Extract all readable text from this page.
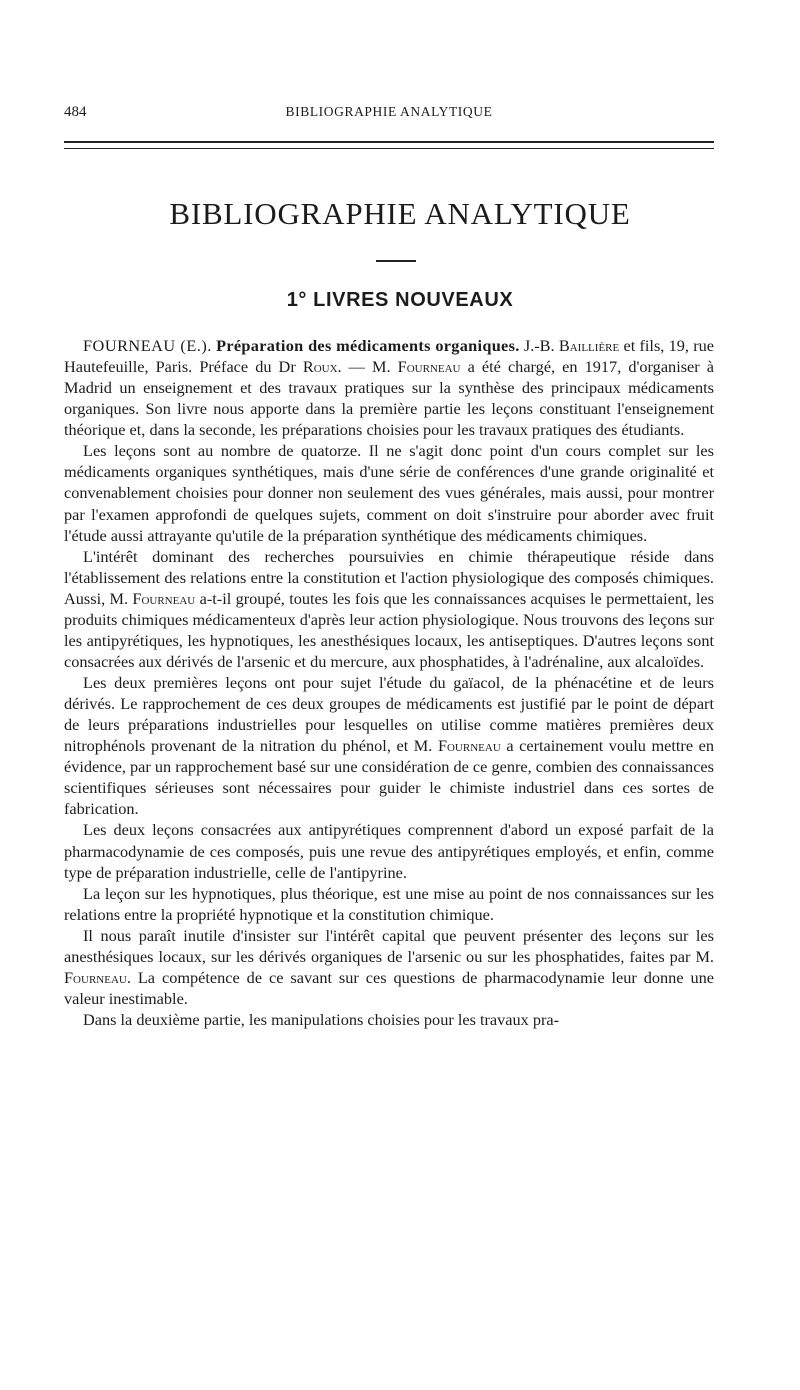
484	BIBLIOGRAPHIE ANALYTIQUE
BIBLIOGRAPHIE ANALYTIQUE
1° LIVRES NOUVEAUX

FOURNEAU (E.). Préparation des médicaments organiques. J.-B. Baillière et fils, 19, rue Hautefeuille, Paris. Préface du Dr Roux. — M. Fourneau a été chargé, en 1917, d'organiser à Madrid un enseignement et des travaux pratiques sur la synthèse des principaux médicaments organiques. Son livre nous apporte dans la première partie les leçons constituant l'enseignement théorique et, dans la seconde, les préparations choisies pour les travaux pratiques des étudiants.

Les leçons sont au nombre de quatorze. Il ne s'agit donc point d'un cours complet sur les médicaments organiques synthétiques, mais d'une série de conférences d'une grande originalité et convenablement choisies pour donner non seulement des vues générales, mais aussi, pour montrer par l'examen approfondi de quelques sujets, comment on doit s'instruire pour aborder avec fruit l'étude aussi attrayante qu'utile de la préparation synthétique des médicaments chimiques.

L'intérêt dominant des recherches poursuivies en chimie thérapeutique réside dans l'établissement des relations entre la constitution et l'action physiologique des composés chimiques. Aussi, M. Fourneau a-t-il groupé, toutes les fois que les connaissances acquises le permettaient, les produits chimiques médicamenteux d'après leur action physiologique. Nous trouvons des leçons sur les antipyrétiques, les hypnotiques, les anesthésiques locaux, les antiseptiques. D'autres leçons sont consacrées aux dérivés de l'arsenic et du mercure, aux phosphatides, à l'adrénaline, aux alcaloïdes.

Les deux premières leçons ont pour sujet l'étude du gaïacol, de la phénacétine et de leurs dérivés. Le rapprochement de ces deux groupes de médicaments est justifié par le point de départ de leurs préparations industrielles pour lesquelles on utilise comme matières premières deux nitrophénols provenant de la nitration du phénol, et M. Fourneau a certainement voulu mettre en évidence, par un rapprochement basé sur une considération de ce genre, combien des connaissances scientifiques sérieuses sont nécessaires pour guider le chimiste industriel dans ces sortes de fabrication.

Les deux leçons consacrées aux antipyrétiques comprennent d'abord un exposé parfait de la pharmacodynamie de ces composés, puis une revue des antipyrétiques employés, et enfin, comme type de préparation industrielle, celle de l'antipyrine.

La leçon sur les hypnotiques, plus théorique, est une mise au point de nos connaissances sur les relations entre la propriété hypnotique et la constitution chimique.

Il nous paraît inutile d'insister sur l'intérêt capital que peuvent présenter des leçons sur les anesthésiques locaux, sur les dérivés organiques de l'arsenic ou sur les phosphatides, faites par M. Fourneau. La compétence de ce savant sur ces questions de pharmacodynamie leur donne une valeur inestimable.

Dans la deuxième partie, les manipulations choisies pour les travaux pra-
